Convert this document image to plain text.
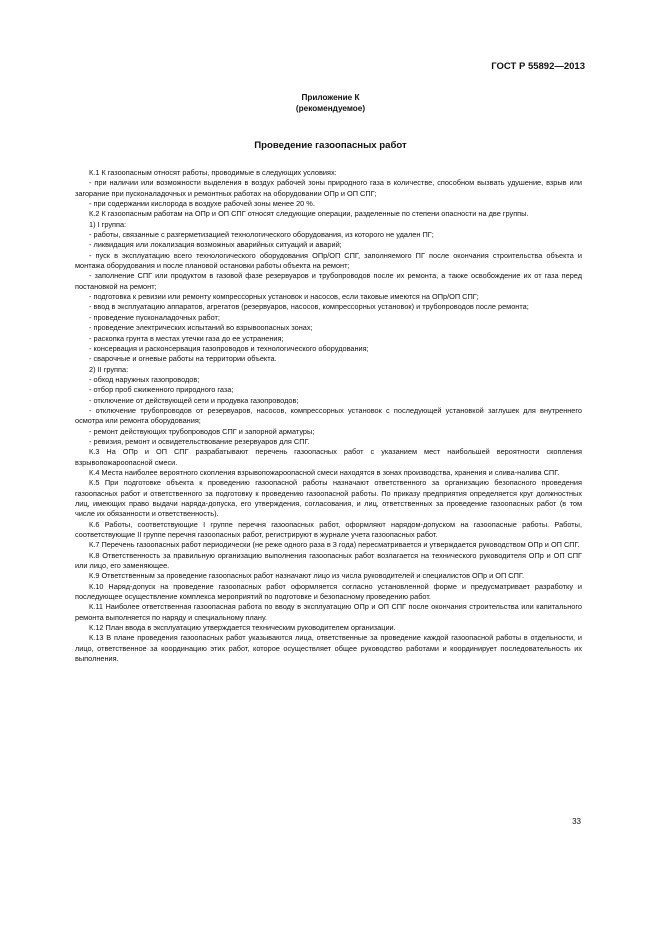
ГОСТ Р 55892—2013
Приложение К
(рекомендуемое)
Проведение газоопасных работ

К.1 К газоопасным относят работы, проводимые в следующих условиях:

- при наличии или возможности выделения в воздух рабочей зоны природного газа в количестве, способном вызвать удушение, взрыв или загорание при пусконаладочных и ремонтных работах на оборудовании ОПр и ОП СПГ;

- при содержании кислорода в воздухе рабочей зоны менее 20 %.

К.2 К газоопасным работам на ОПр и ОП СПГ относят следующие операции, разделенные по степени опасности на две группы.

1) I группа:

- работы, связанные с разгерметизацией технологического оборудования, из которого не удален ПГ;

- ликвидация или локализация возможных аварийных ситуаций и аварий;

- пуск в эксплуатацию всего технологического оборудования ОПр/ОП СПГ, заполняемого ПГ после окончания строительства объекта и монтажа оборудования и после плановой остановки работы объекта на ремонт;

- заполнение СПГ или продуктом в газовой фазе резервуаров и трубопроводов после их ремонта, а также освобождение их от газа перед постановкой на ремонт;

- подготовка к ревизии или ремонту компрессорных установок и насосов, если таковые имеются на ОПр/ОП СПГ;

- ввод в эксплуатацию аппаратов, агрегатов (резервуаров, насосов, компрессорных установок) и трубопроводов после ремонта;

- проведение пусконаладочных работ;

- проведение электрических испытаний во взрывоопасных зонах;

- раскопка грунта в местах утечки газа до ее устранения;

- консервация и расконсервация газопроводов и технологического оборудования;

- сварочные и огневые работы на территории объекта.

2) II группа:

- обход наружных газопроводов;

- отбор проб сжиженного природного газа;

- отключение от действующей сети и продувка газопроводов;

- отключение трубопроводов от резервуаров, насосов, компрессорных установок с последующей установкой заглушек для внутреннего осмотра или ремонта оборудования;

- ремонт действующих трубопроводов СПГ и запорной арматуры;

- ревизия, ремонт и освидетельствование резервуаров для СПГ.

К.3 На ОПр и ОП СПГ разрабатывают перечень газоопасных работ с указанием мест наибольшей вероятности скопления взрывопожароопасной смеси.

К.4 Места наиболее вероятного скопления взрывопожароопасной смеси находятся в зонах производства, хранения и слива-налива СПГ.

К.5 При подготовке объекта к проведению газоопасной работы назначают ответственного за организацию безопасного проведения газоопасных работ и ответственного за подготовку к проведению газоопасной работы. По приказу предприятия определяется круг должностных лиц, имеющих право выдачи наряда-допуска, его утверждения, согласования, и лиц, ответственных за проведение газоопасных работ (в том числе их обязанности и ответственность).

К.6 Работы, соответствующие I группе перечня газоопасных работ, оформляют нарядом-допуском на газоопасные работы. Работы, соответствующие II группе перечня газоопасных работ, регистрируют в журнале учета газоопасных работ.

К.7 Перечень газоопасных работ периодически (не реже одного раза в 3 года) пересматривается и утверждается руководством ОПр и ОП СПГ.

К.8 Ответственность за правильную организацию выполнения газоопасных работ возлагается на технического руководителя ОПр и ОП СПГ или лицо, его заменяющее.

К.9 Ответственным за проведение газоопасных работ назначают лицо из числа руководителей и специалистов ОПр и ОП СПГ.

К.10 Наряд-допуск на проведение газоопасных работ оформляется согласно установленной форме и предусматривает разработку и последующее осуществление комплекса мероприятий по подготовке и безопасному проведению работ.

К.11 Наиболее ответственная газоопасная работа по вводу в эксплуатацию ОПр и ОП СПГ после окончания строительства или капитального ремонта выполняется по наряду и специальному плану.

К.12 План ввода в эксплуатацию утверждается техническим руководителем организации.

К.13 В плане проведения газоопасных работ указываются лица, ответственные за проведение каждой газоопасной работы в отдельности, и лицо, ответственное за координацию этих работ, которое осуществляет общее руководство работами и координирует последовательность их выполнения.

33
